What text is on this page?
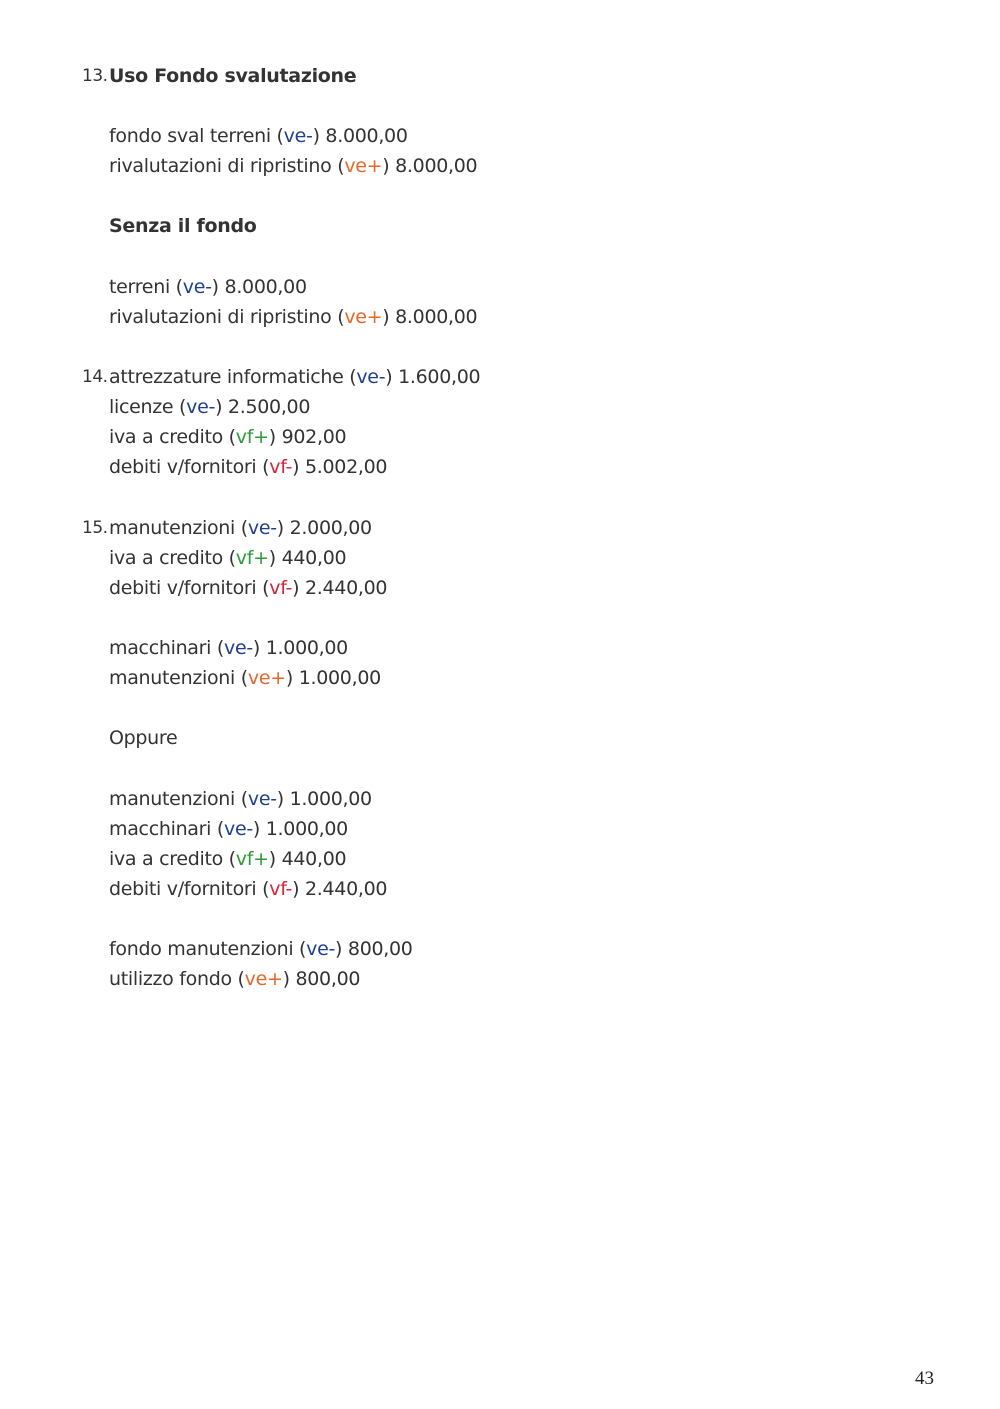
13. Uso Fondo svalutazione
fondo sval terreni (ve-) 8.000,00
rivalutazioni di ripristino (ve+) 8.000,00
Senza il fondo
terreni (ve-) 8.000,00
rivalutazioni di ripristino (ve+) 8.000,00
14. attrezzature informatiche (ve-) 1.600,00
licenze (ve-) 2.500,00
iva a credito (vf+) 902,00
debiti v/fornitori (vf-) 5.002,00
15. manutenzioni (ve-) 2.000,00
iva a credito (vf+) 440,00
debiti v/fornitori (vf-) 2.440,00
macchinari (ve-) 1.000,00
manutenzioni (ve+) 1.000,00
Oppure
manutenzioni (ve-) 1.000,00
macchinari (ve-) 1.000,00
iva a credito (vf+) 440,00
debiti v/fornitori (vf-) 2.440,00
fondo manutenzioni (ve-) 800,00
utilizzo fondo (ve+) 800,00
43
